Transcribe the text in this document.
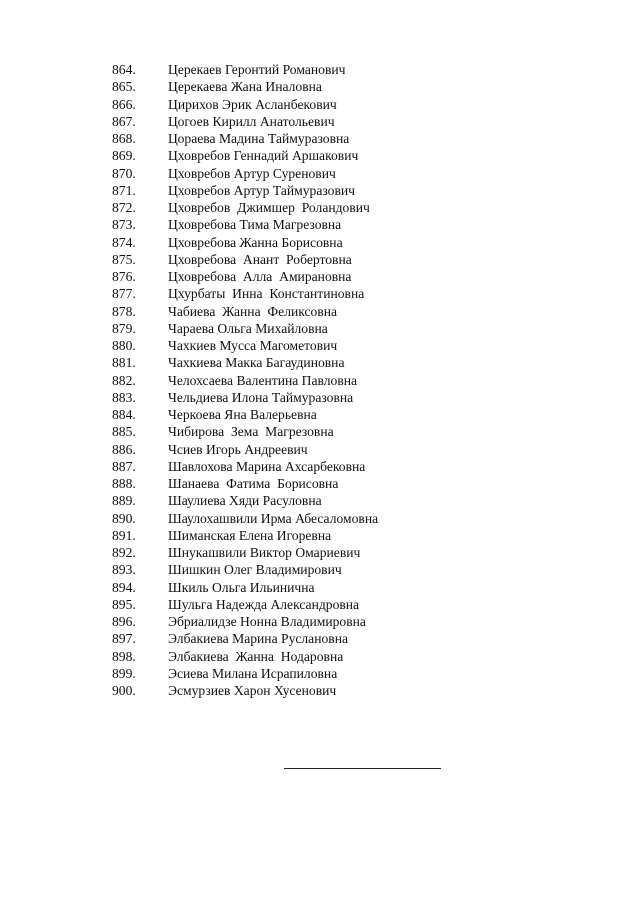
864.	Церекаев Геронтий Романович
865.	Церекаева Жана Иналовна
866.	Цирихов Эрик Асланбекович
867.	Цогоев Кирилл Анатольевич
868.	Цораева Мадина Таймуразовна
869.	Цховребов Геннадий Аршакович
870.	Цховребов Артур Суренович
871.	Цховребов Артур Таймуразович
872.	Цховребов  Джимшер  Роландович
873.	Цховребова Тима Магрезовна
874.	Цховребова Жанна Борисовна
875.	Цховребова  Анант  Робертовна
876.	Цховребова  Алла  Амирановна
877.	Цхурбаты  Инна  Константиновна
878.	Чабиева  Жанна  Феликсовна
879.	Чараева Ольга Михайловна
880.	Чахкиев Мусса Магометович
881.	Чахкиева Макка Багаудиновна
882.	Челохсаева Валентина Павловна
883.	Чельдиева Илона Таймуразовна
884.	Черкоева Яна Валерьевна
885.	Чибирова  Зема  Магрезовна
886.	Чсиев Игорь Андреевич
887.	Шавлохова Марина Ахсарбековна
888.	Шанаева  Фатима  Борисовна
889.	Шаулиева Хяди Расуловна
890.	Шаулохашвили Ирма Абесаломовна
891.	Шиманская Елена Игоревна
892.	Шнукашвили Виктор Омариевич
893.	Шишкин Олег Владимирович
894.	Шкиль Ольга Ильинична
895.	Шульга Надежда Александровна
896.	Эбриалидзе Нонна Владимировна
897.	Элбакиева Марина Руслановна
898.	Элбакиева  Жанна  Нодаровна
899.	Эсиева Милана Исрапиловна
900.	Эсмурзиев Харон Хусенович
